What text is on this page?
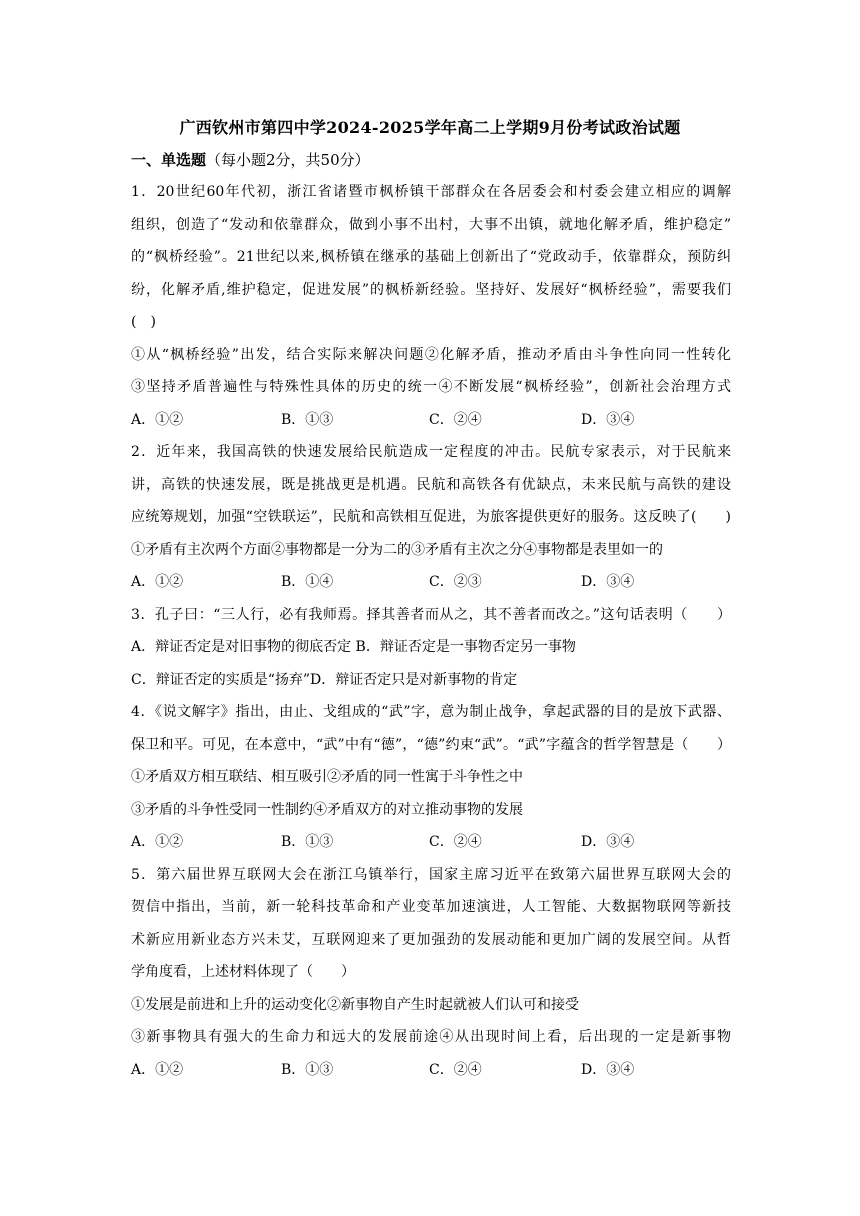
广西钦州市第四中学2024-2025学年高二上学期9月份考试政治试题
一、单选题（每小题2分，共50分）
1．20世纪60年代初，浙江省诸暨市枫桥镇干部群众在各居委会和村委会建立相应的调解
组织，创造了“发动和依靠群众，做到小事不出村，大事不出镇，就地化解矛盾，维护稳定”
的“枫桥经验”。21世纪以来,枫桥镇在继承的基础上创新出了“党政动手，依靠群众，预防纠
纷，化解矛盾,维护稳定，促进发展”的枫桥新经验。坚持好、发展好“枫桥经验”，需要我们
(　)
①从“枫桥经验”出发，结合实际来解决问题②化解矛盾，推动矛盾由斗争性向同一性转化
③坚持矛盾普遍性与特殊性具体的历史的统一④不断发展“枫桥经验”，创新社会治理方式
A．①②	B．①③	C．②④	D．③④
2．近年来，我国高铁的快速发展给民航造成一定程度的冲击。民航专家表示，对于民航来
讲，高铁的快速发展，既是挑战更是机遇。民航和高铁各有优缺点，未来民航与高铁的建设
应统筹规划，加强“空铁联运”，民航和高铁相互促进，为旅客提供更好的服务。这反映了(　　)
①矛盾有主次两个方面②事物都是一分为二的③矛盾有主次之分④事物都是表里如一的
A．①②	B．①④	C．②③	D．③④
3．孔子曰：“三人行，必有我师焉。择其善者而从之，其不善者而改之。”这句话表明（　　）
A．辩证否定是对旧事物的彻底否定 B．辩证否定是一事物否定另一事物
C．辩证否定的实质是“扬弃”D．辩证否定只是对新事物的肯定
4．《说文解字》指出，由止、戈组成的“武”字，意为制止战争，拿起武器的目的是放下武器、
保卫和平。可见，在本意中，“武”中有“德”，“德”约束“武”。“武”字蕴含的哲学智慧是（　　）
①矛盾双方相互联结、相互吸引②矛盾的同一性寓于斗争性之中
③矛盾的斗争性受同一性制约④矛盾双方的对立推动事物的发展
A．①②	B．①③	C．②④	D．③④
5．第六届世界互联网大会在浙江乌镇举行，国家主席习近平在致第六届世界互联网大会的
贺信中指出，当前，新一轮科技革命和产业变革加速演进，人工智能、大数据物联网等新技
术新应用新业态方兴未艾，互联网迎来了更加强劲的发展动能和更加广阔的发展空间。从哲
学角度看，上述材料体现了（　　）
①发展是前进和上升的运动变化②新事物自产生时起就被人们认可和接受
③新事物具有强大的生命力和远大的发展前途④从出现时间上看，后出现的一定是新事物
A．①②	B．①③	C．②④	D．③④
